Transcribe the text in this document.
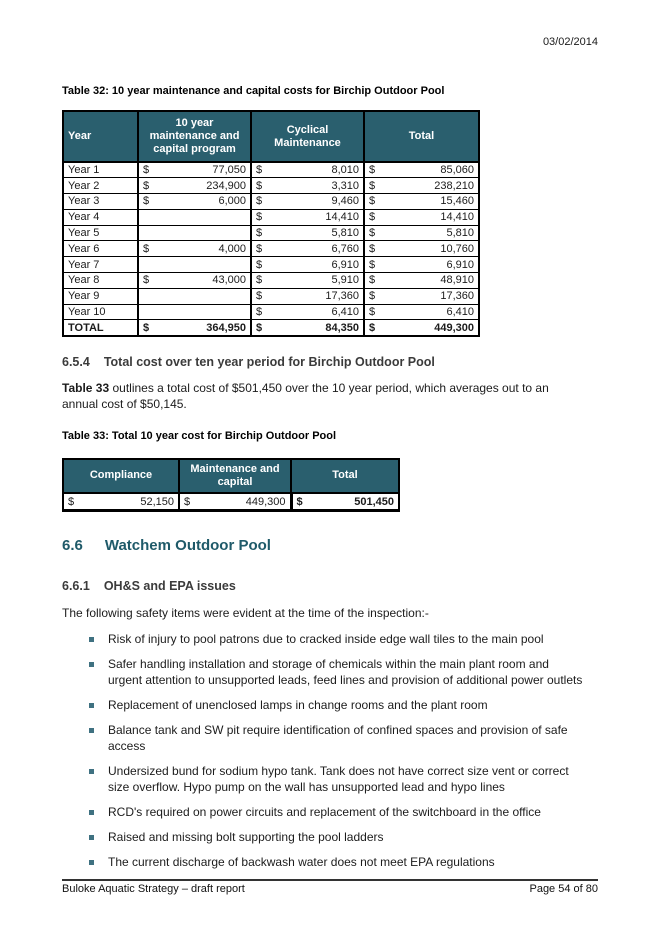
03/02/2014
Table 32: 10 year maintenance and capital costs for Birchip Outdoor Pool
Year	10 year maintenance and capital program	Cyclical Maintenance	Total
Year 1	$ 77,050	$ 8,010	$ 85,060

Year 2	$ 234,900	$ 3,310	$ 238,210

Year 3	$ 6,000	$ 9,460	$ 15,460

Year 4		$ 14,410	$ 14,410

Year 5		$ 5,810	$ 5,810

Year 6	$ 4,000	$ 6,760	$ 10,760

Year 7		$ 6,910	$ 6,910

Year 8	$ 43,000	$ 5,910	$ 48,910

Year 9		$ 17,360	$ 17,360

Year 10		$ 6,410	$ 6,410

TOTAL	$ 364,950	$ 84,350	$ 449,300
6.5.4 Total cost over ten year period for Birchip Outdoor Pool
Table 33 outlines a total cost of $501,450 over the 10 year period, which averages out to an annual cost of $50,145.
Table 33: Total 10 year cost for Birchip Outdoor Pool
Compliance	Maintenance and capital	Total

$ 52,150	$ 449,300	$ 501,450
6.6 Watchem Outdoor Pool
6.6.1 OH&S and EPA issues
The following safety items were evident at the time of the inspection:-
Risk of injury to pool patrons due to cracked inside edge wall tiles to the main pool
Safer handling installation and storage of chemicals within the main plant room and urgent attention to unsupported leads, feed lines and provision of additional power outlets
Replacement of unenclosed lamps in change rooms and the plant room
Balance tank and SW pit require identification of confined spaces and provision of safe access
Undersized bund for sodium hypo tank. Tank does not have correct size vent or correct size overflow. Hypo pump on the wall has unsupported lead and hypo lines
RCD's required on power circuits and replacement of the switchboard in the office
Raised and missing bolt supporting the pool ladders
The current discharge of backwash water does not meet EPA regulations
Buloke Aquatic Strategy – draft report	Page 54 of 80
